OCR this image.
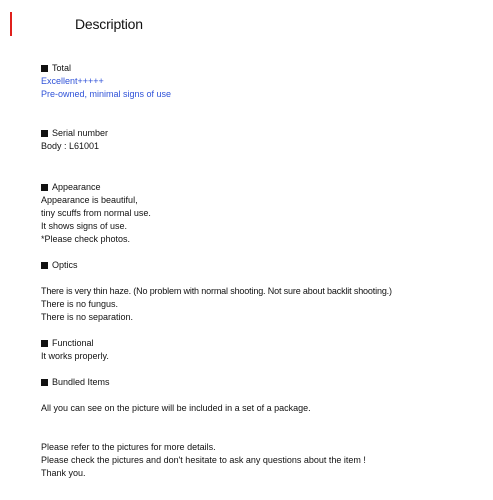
Description
Total
Excellent+++++
Pre-owned, minimal signs of use
Serial number
Body : L61001
Appearance
Appearance is beautiful,
tiny scuffs from normal use.
It shows signs of use.
*Please check photos.
Optics
There is very thin haze. (No problem with normal shooting. Not sure about backlit shooting.)
There is no fungus.
There is no separation.
Functional
It works properly.
Bundled Items
All you can see on the picture will be included in a set of a package.
Please refer to the pictures for more details.
Please check the pictures and don't hesitate to ask any questions about the item !
Thank you.
